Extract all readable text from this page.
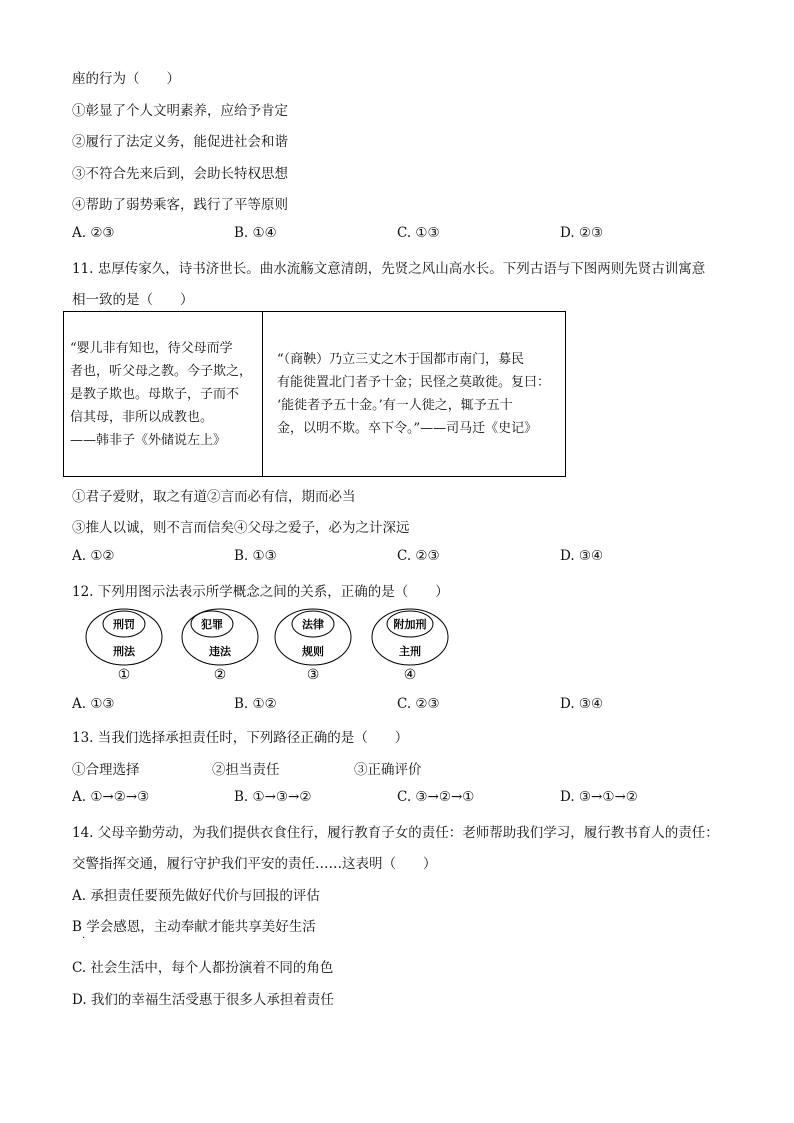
座的行为（　　）
①彰显了个人文明素养，应给予肯定
②履行了法定义务，能促进社会和谐
③不符合先来后到，会助长特权思想
④帮助了弱势乘客，践行了平等原则
A. ②③	B. ①④	C. ①③	D. ②③
11. 忠厚传家久，诗书济世长。曲水流觞文意清朗，先贤之风山高水长。下列古语与下图两则先贤古训寓意
相一致的是（　　）
“婴儿非有知也，待父母而学
者也，听父母之教。今子欺之，
是教子欺也。母欺子，子而不
信其母，非所以成教也。
——韩非子《外储说左上》

“（商鞅）乃立三丈之木于国都市南门，募民
有能徙置北门者予十金；民怪之莫敢徙。复曰：
‘能徙者予五十金。’有一人徙之，辄予五十
金，以明不欺。卒下令。”——司马迁《史记》
①君子爱财，取之有道②言而必有信，期而必当
③推人以诚，则不言而信矣④父母之爱子，必为之计深远
A. ①②	B. ①③	C. ②③	D. ③④
12. 下列用图示法表示所学概念之间的关系，正确的是（　　）
刑罚
刑法
①
犯罪
违法
②
法律
规则
③
附加刑
主刑
④
A. ①③	B. ①②	C. ②③	D. ③④
13. 当我们选择承担责任时，下列路径正确的是（　　）
①合理选择	②担当责任	③正确评价
A. ①→②→③	B. ①→③→②	C. ③→②→①	D. ③→①→②
14. 父母辛勤劳动，为我们提供衣食住行，履行教育子女的责任：老师帮助我们学习，履行教书育人的责任：
交警指挥交通，履行守护我们平安的责任……这表明（　　）
A. 承担责任要预先做好代价与回报的评估
B 学会感恩，主动奉献才能共享美好生活
·
C. 社会生活中，每个人都扮演着不同的角色
D. 我们的幸福生活受惠于很多人承担着责任
